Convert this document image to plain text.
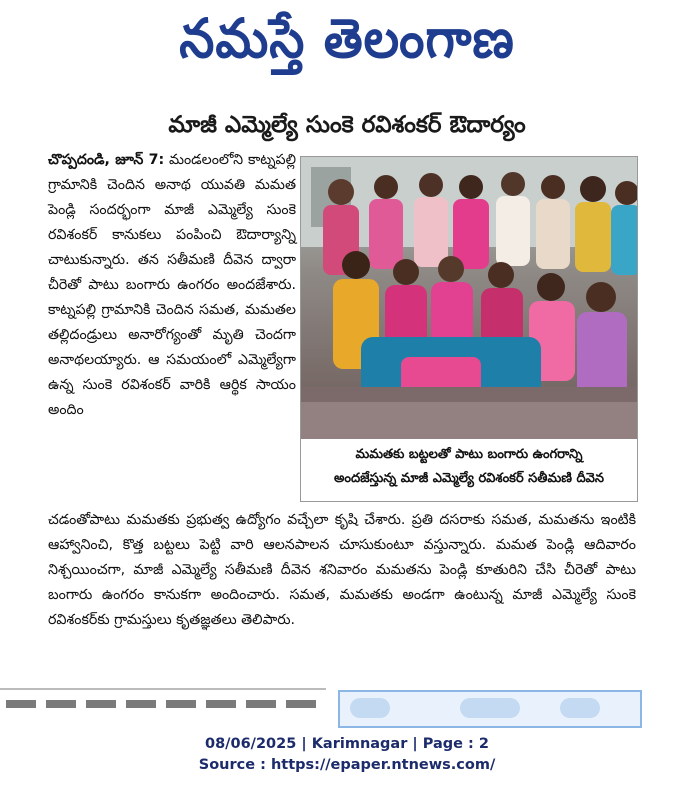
నమస్తే తెలంగాణ
మాజీ ఎమ్మెల్యే సుంకె రవిశంకర్ ఔదార్యం
చొప్పదండి, జూన్ 7: మండలంలోని కాట్నపల్లి గ్రామానికి చెందిన అనాథ యువతి మమత పెండ్లి సందర్భంగా మాజీ ఎమ్మెల్యే సుంకె రవిశంకర్ కానుకలు పంపించి ఔదార్యాన్ని చాటుకున్నారు. తన సతీమణి దీవెన ద్వారా చీరెతో పాటు బంగారు ఉంగరం అందజేశారు. కాట్నపల్లి గ్రామానికి చెందిన సమత, మమతల తల్లిదండ్రులు అనారోగ్యంతో మృతి చెందగా అనాథలయ్యారు. ఆ సమయంలో ఎమ్మెల్యేగా ఉన్న సుంకె రవిశంకర్ వారికి ఆర్థిక సాయం అందిం
మమతకు బట్టలతో పాటు బంగారు ఉంగరాన్ని
అందజేస్తున్న మాజీ ఎమ్మెల్యే రవిశంకర్ సతీమణి దీవెన
చడంతోపాటు మమతకు ప్రభుత్వ ఉద్యోగం వచ్చేలా కృషి చేశారు. ప్రతి దసరాకు సమత, మమతను ఇంటికి ఆహ్వానించి, కొత్త బట్టలు పెట్టి వారి ఆలనపాలన చూసుకుంటూ వస్తున్నారు. మమత పెండ్లి ఆదివారం నిశ్చయించగా, మాజీ ఎమ్మెల్యే సతీమణి దీవెన శనివారం మమతను పెండ్లి కూతురిని చేసి చీరెతో పాటు బంగారు ఉంగరం కానుకగా అందించారు. సమత, మమతకు అండగా ఉంటున్న మాజీ ఎమ్మెల్యే సుంకె రవిశంకర్‌కు గ్రామస్తులు కృతజ్ఞతలు తెలిపారు.
08/06/2025 | Karimnagar | Page : 2
Source : https://epaper.ntnews.com/
